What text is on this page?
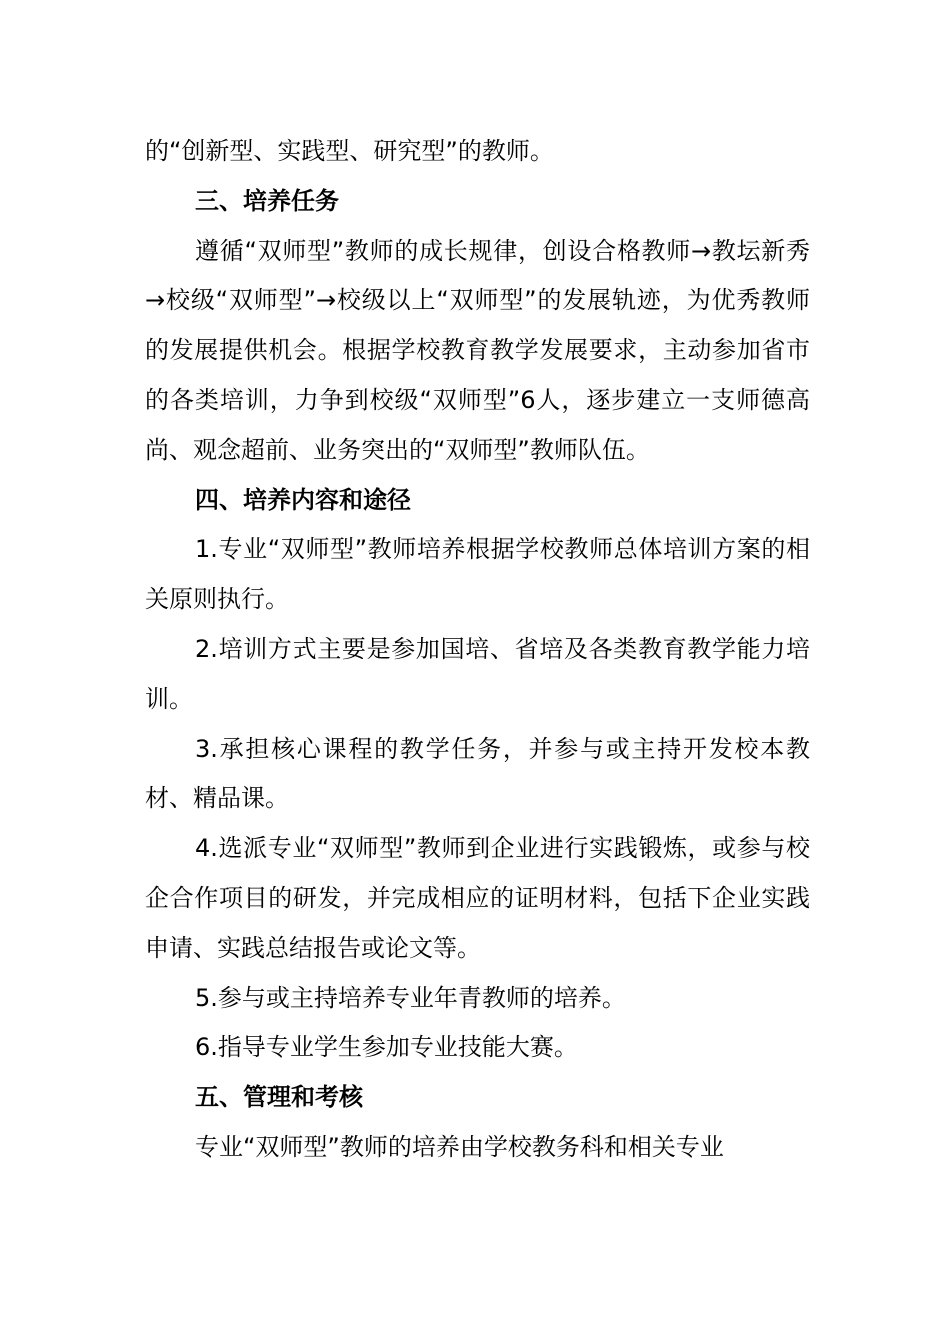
的“创新型、实践型、研究型”的教师。

三、培养任务

遵循“双师型”教师的成长规律，创设合格教师→教坛新秀→校级“双师型”→校级以上“双师型”的发展轨迹，为优秀教师的发展提供机会。根据学校教育教学发展要求，主动参加省市的各类培训，力争到校级“双师型”6人，逐步建立一支师德高尚、观念超前、业务突出的“双师型”教师队伍。

四、培养内容和途径

1.专业“双师型”教师培养根据学校教师总体培训方案的相关原则执行。

2.培训方式主要是参加国培、省培及各类教育教学能力培训。

3.承担核心课程的教学任务，并参与或主持开发校本教材、精品课。

4.选派专业“双师型”教师到企业进行实践锻炼，或参与校企合作项目的研发，并完成相应的证明材料，包括下企业实践申请、实践总结报告或论文等。

5.参与或主持培养专业年青教师的培养。

6.指导专业学生参加专业技能大赛。

五、管理和考核

专业“双师型”教师的培养由学校教务科和相关专业
